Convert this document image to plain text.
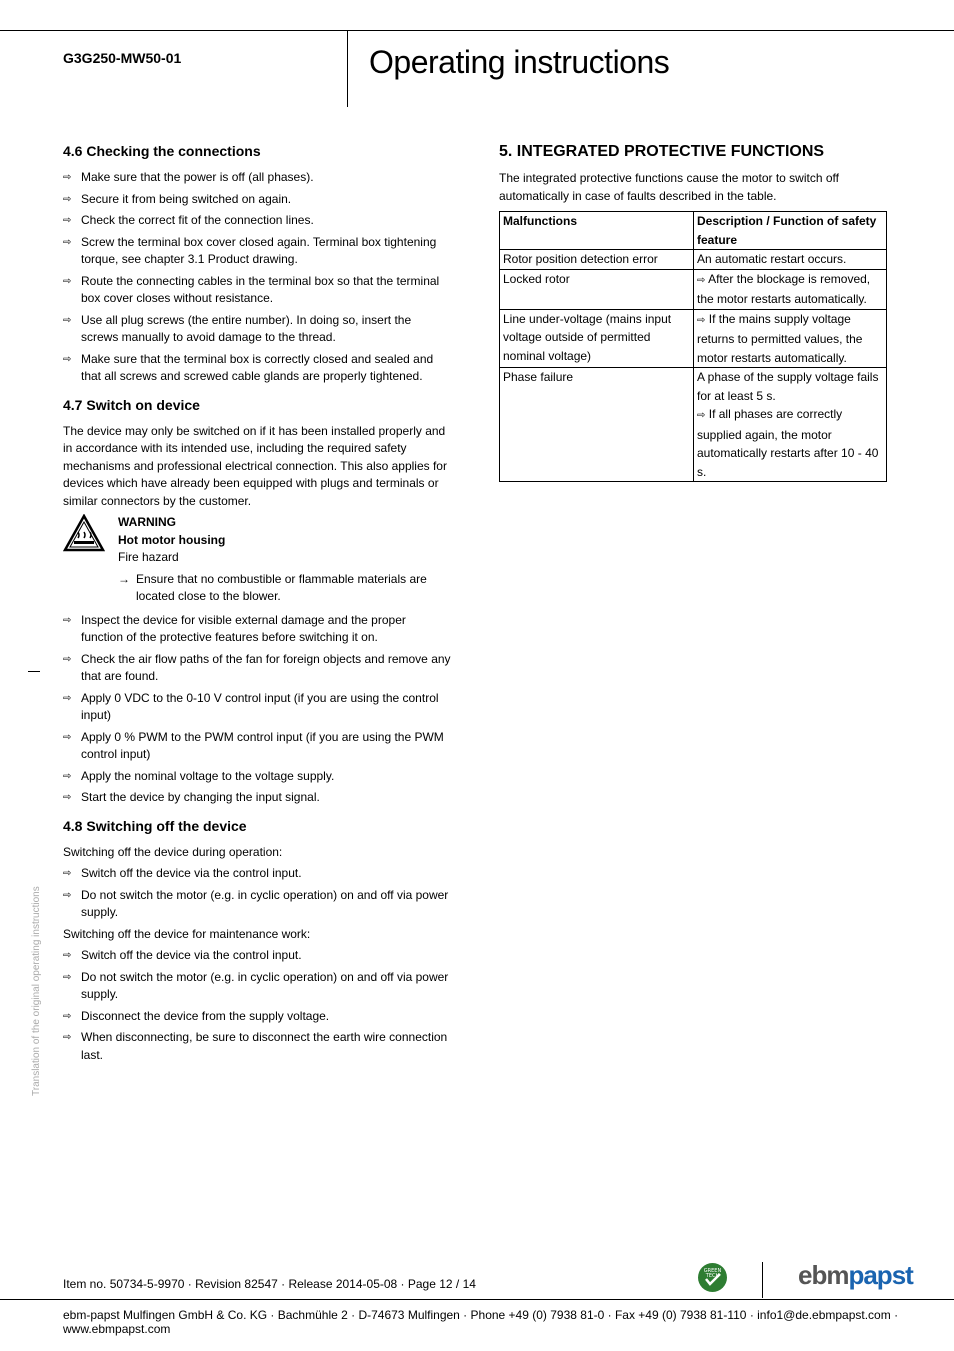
G3G250-MW50-01	Operating instructions
4.6 Checking the connections
⇨ Make sure that the power is off (all phases).
⇨ Secure it from being switched on again.
⇨ Check the correct fit of the connection lines.
⇨ Screw the terminal box cover closed again. Terminal box tightening torque, see chapter 3.1 Product drawing.
⇨ Route the connecting cables in the terminal box so that the terminal box cover closes without resistance.
⇨ Use all plug screws (the entire number). In doing so, insert the screws manually to avoid damage to the thread.
⇨ Make sure that the terminal box is correctly closed and sealed and that all screws and screwed cable glands are properly tightened.
4.7 Switch on device

The device may only be switched on if it has been installed properly and in accordance with its intended use, including the required safety mechanisms and professional electrical connection. This also applies for devices which have already been equipped with plugs and terminals or similar connectors by the customer.

WARNING
Hot motor housing
Fire hazard
→ Ensure that no combustible or flammable materials are located close to the blower.
⇨ Inspect the device for visible external damage and the proper function of the protective features before switching it on.
⇨ Check the air flow paths of the fan for foreign objects and remove any that are found.
⇨ Apply 0 VDC to the 0-10 V control input (if you are using the control input)
⇨ Apply 0 % PWM to the PWM control input (if you are using the PWM control input)
⇨ Apply the nominal voltage to the voltage supply.
⇨ Start the device by changing the input signal.
4.8 Switching off the device

Switching off the device during operation:

⇨ Switch off the device via the control input.
⇨ Do not switch the motor (e.g. in cyclic operation) on and off via power supply.

Switching off the device for maintenance work:

⇨ Switch off the device via the control input.
⇨ Do not switch the motor (e.g. in cyclic operation) on and off via power supply.
⇨ Disconnect the device from the supply voltage.
⇨ When disconnecting, be sure to disconnect the earth wire connection last.
5. INTEGRATED PROTECTIVE FUNCTIONS

The integrated protective functions cause the motor to switch off automatically in case of faults described in the table.

Malfunctions	Description / Function of safety feature
Rotor position detection error	An automatic restart occurs.
Locked rotor	⇨ After the blockage is removed, the motor restarts automatically.
Line under-voltage (mains input voltage outside of permitted nominal voltage)	⇨ If the mains supply voltage returns to permitted values, the motor restarts automatically.
Phase failure	A phase of the supply voltage fails for at least 5 s.
⇨ If all phases are correctly supplied again, the motor automatically restarts after 10 - 40 s.
Translation of the original operating instructions
Item no. 50734-5-9970 · Revision 82547 · Release 2014-05-08 · Page 12 / 14
GREEN
TECH	ebmpapst
ebm-papst Mulfingen GmbH & Co. KG · Bachmühle 2 · D-74673 Mulfingen · Phone +49 (0) 7938 81-0 · Fax +49 (0) 7938 81-110 · info1@de.ebmpapst.com · www.ebmpapst.com
